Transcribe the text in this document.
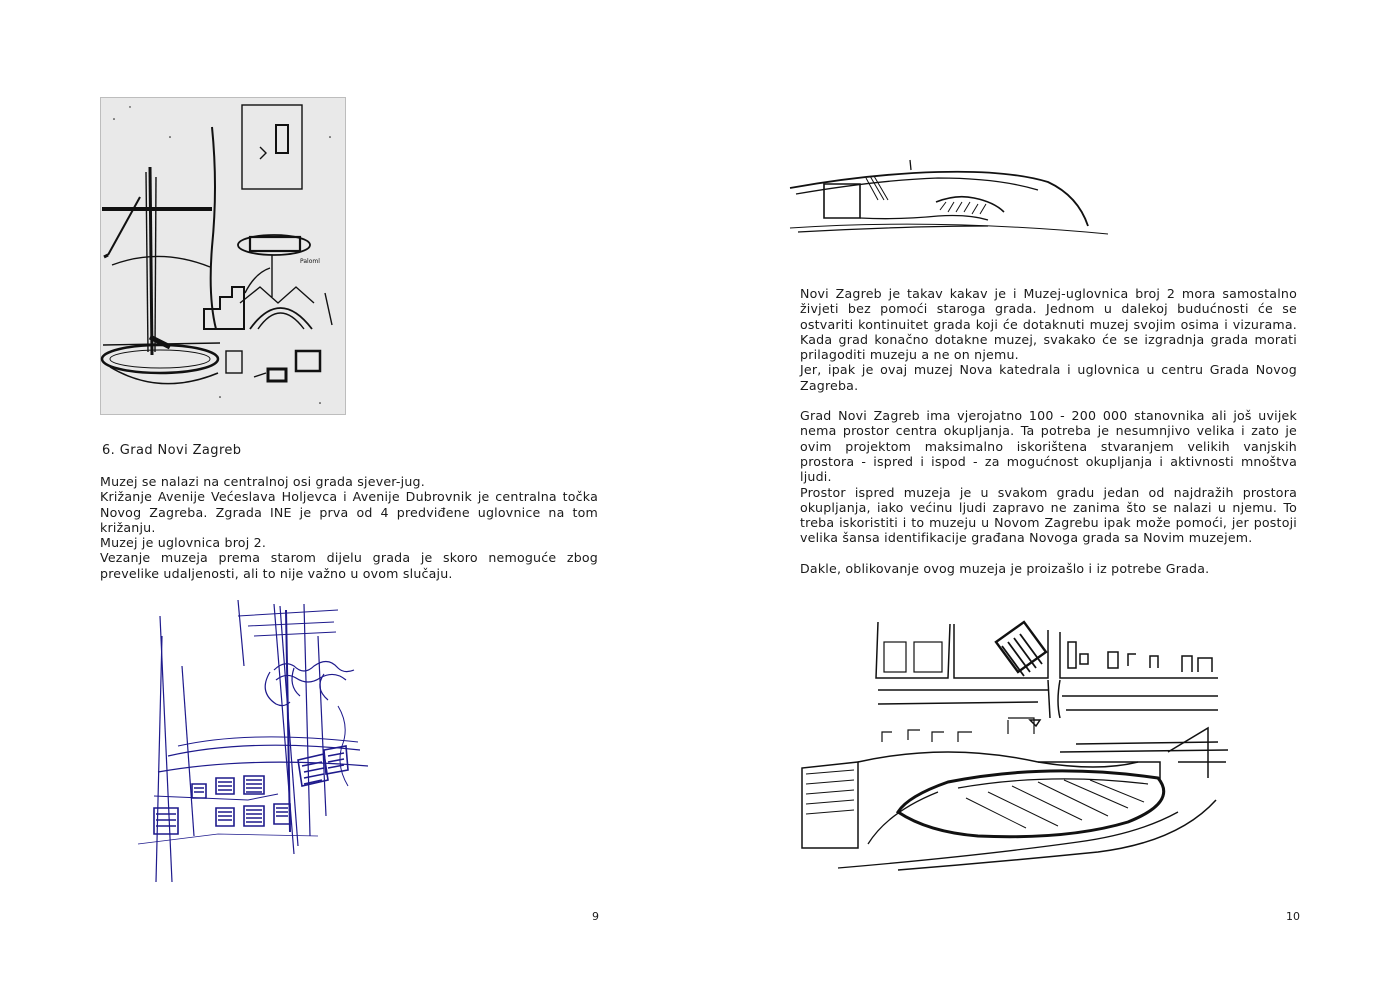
Paloml
6. Grad Novi Zagreb

Muzej se nalazi na centralnoj osi grada sjever-jug.

Križanje Avenije Većeslava Holjevca i Avenije Dubrovnik je centralna točka Novog Zagreba. Zgrada INE je prva od 4 predviđene uglovnice na tom križanju.

Muzej je uglovnica broj 2.

Vezanje muzeja prema starom dijelu grada je skoro nemoguće zbog prevelike udaljenosti, ali to nije važno u ovom slučaju.

9

Novi Zagreb je takav kakav je i Muzej-uglovnica broj 2 mora samostalno živjeti bez pomoći staroga grada. Jednom u dalekoj budućnosti će se ostvariti kontinuitet grada koji će dotaknuti muzej svojim osima i vizurama. Kada grad konačno dotakne muzej, svakako će se izgradnja grada morati prilagoditi muzeju a ne on njemu.

Jer, ipak je ovaj muzej Nova katedrala i uglovnica u centru Grada Novog Zagreba.

Grad Novi Zagreb ima vjerojatno 100 - 200 000 stanovnika ali još uvijek nema prostor centra okupljanja. Ta potreba je nesumnjivo velika i zato je ovim projektom maksimalno iskorištena stvaranjem velikih vanjskih prostora - ispred i ispod - za mogućnost okupljanja i aktivnosti mnoštva ljudi.

Prostor ispred muzeja je u svakom gradu jedan od najdražih prostora okupljanja, iako većinu ljudi zapravo ne zanima što se nalazi u njemu. To treba iskoristiti i to muzeju u Novom Zagrebu ipak može pomoći, jer postoji velika šansa identifikacije građana Novoga grada sa Novim muzejem.

Dakle, oblikovanje ovog muzeja je proizašlo i iz potrebe Grada.

10
